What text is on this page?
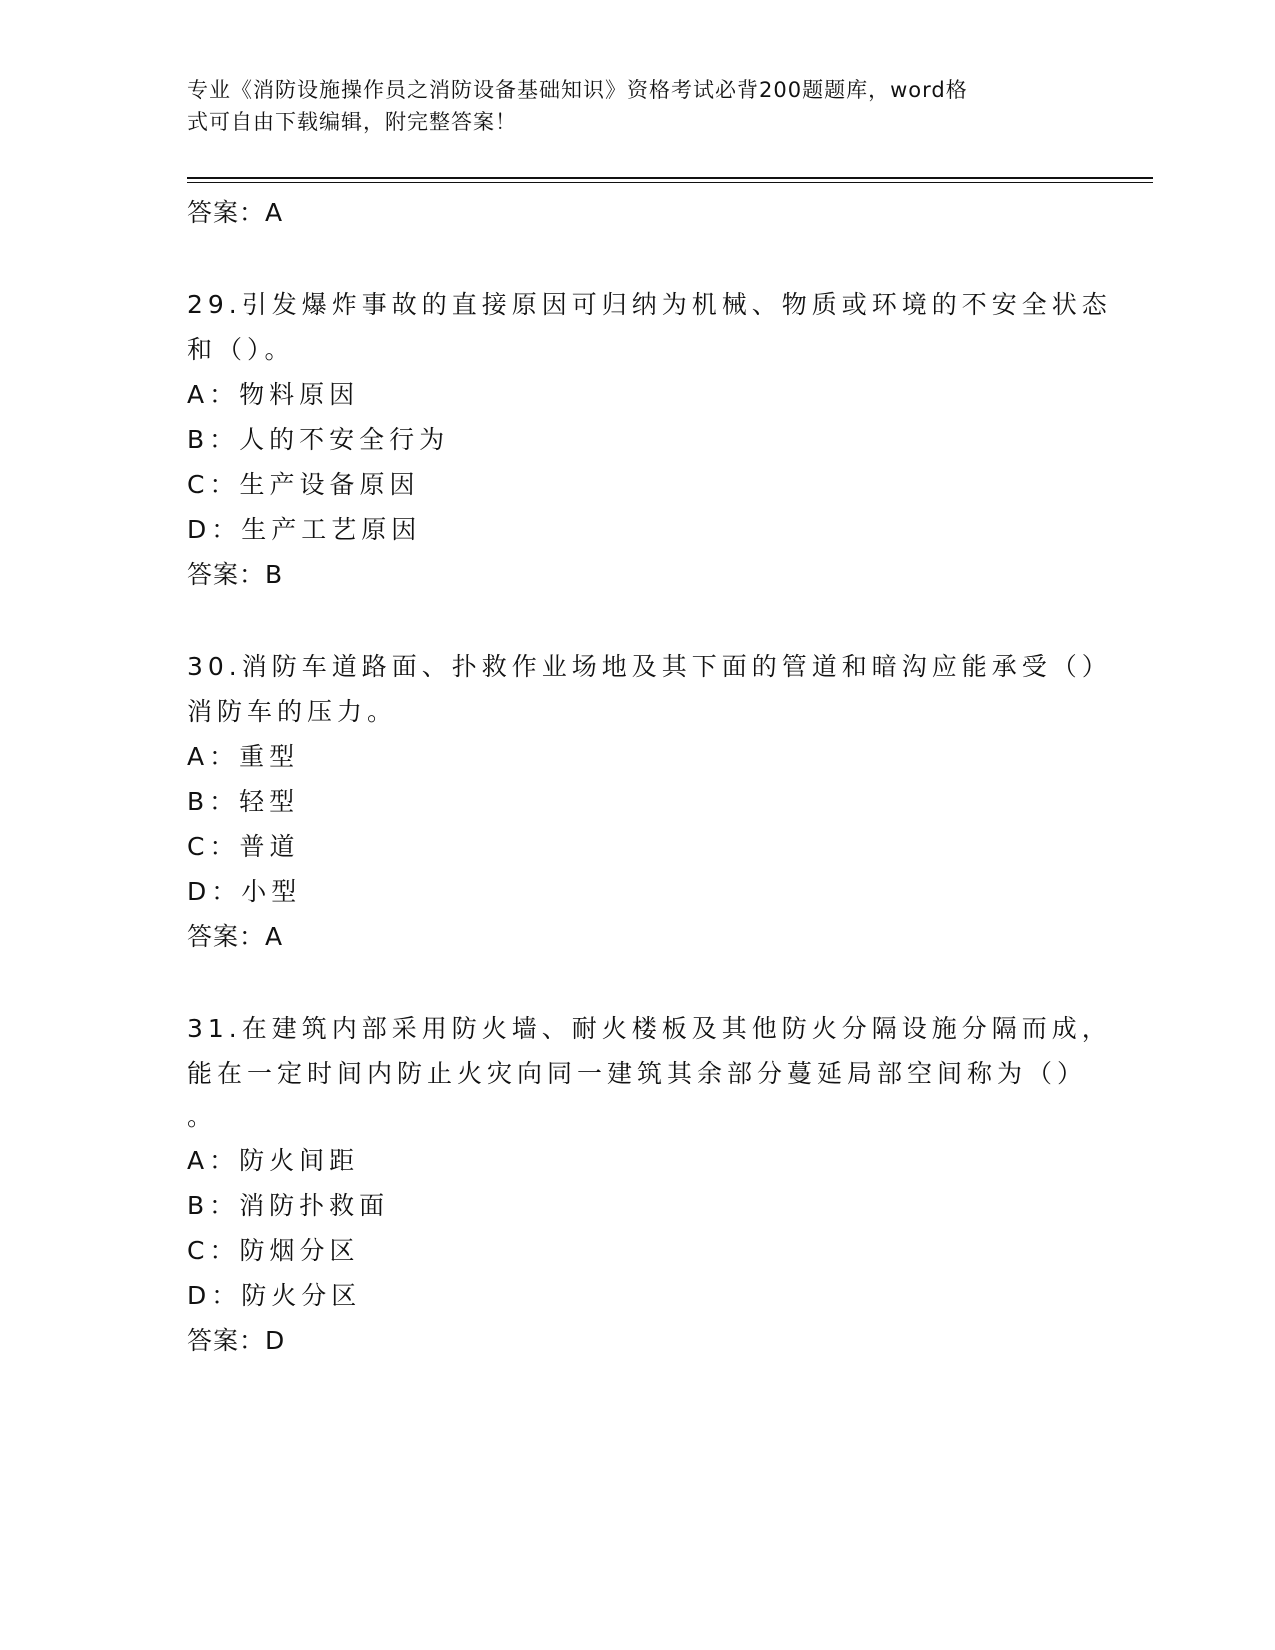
专业《消防设施操作员之消防设备基础知识》资格考试必背200题题库，word格
式可自由下载编辑，附完整答案！
答案：A
29.引发爆炸事故的直接原因可归纳为机械、物质或环境的不安全状态
和（）。
A：物料原因
B：人的不安全行为
C：生产设备原因
D：生产工艺原因
答案：B
30.消防车道路面、扑救作业场地及其下面的管道和暗沟应能承受（）
消防车的压力。
A：重型
B：轻型
C：普道
D：小型
答案：A
31.在建筑内部采用防火墙、耐火楼板及其他防火分隔设施分隔而成，
能在一定时间内防止火灾向同一建筑其余部分蔓延局部空间称为（）
。
A：防火间距
B：消防扑救面
C：防烟分区
D：防火分区
答案：D
